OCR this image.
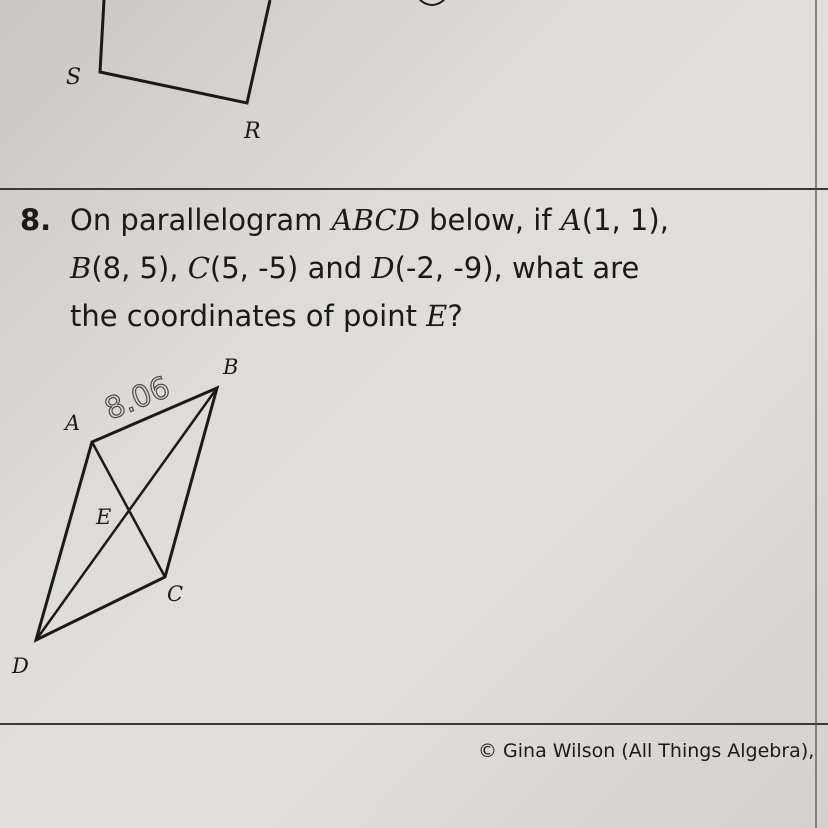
S
R
A
B
C
D
E
8.06
8. On parallelogram ABCD below, if A(1, 1),
B(8, 5), C(5, -5) and D(-2, -9), what are
the coordinates of point E?
© Gina Wilson (All Things Algebra),
